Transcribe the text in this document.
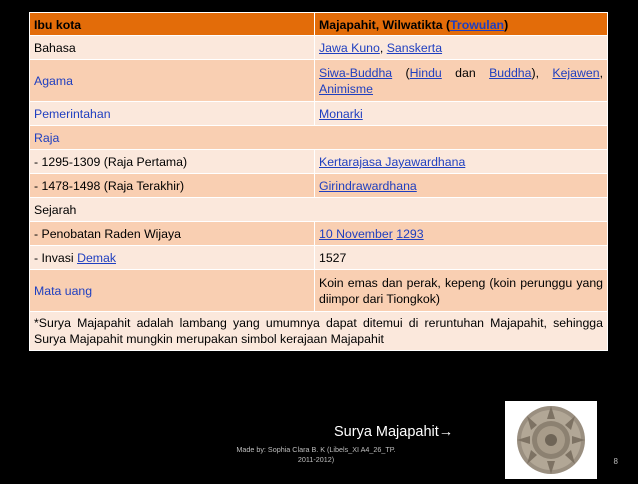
Ibu kota	Majapahit, Wilwatikta (Trowulan)
Bahasa	Jawa Kuno, Sanskerta
Agama	Siwa-Buddha (Hindu dan Buddha), Kejawen, Animisme
Pemerintahan	Monarki
Raja	
- 1295-1309 (Raja Pertama)	Kertarajasa Jayawardhana
- 1478-1498 (Raja Terakhir)	Girindrawardhana
Sejarah	
- Penobatan Raden Wijaya	10 November 1293
- Invasi Demak	1527
Mata uang	Koin emas dan perak, kepeng (koin perunggu yang diimpor dari Tiongkok)
*Surya Majapahit adalah lambang yang umumnya dapat ditemui di reruntuhan Majapahit, sehingga Surya Majapahit mungkin merupakan simbol kerajaan Majapahit	
Surya Majapahit→
Made by: Sophia Clara B. K (Libels_XI A4_26_TP.
2011-2012)	8
